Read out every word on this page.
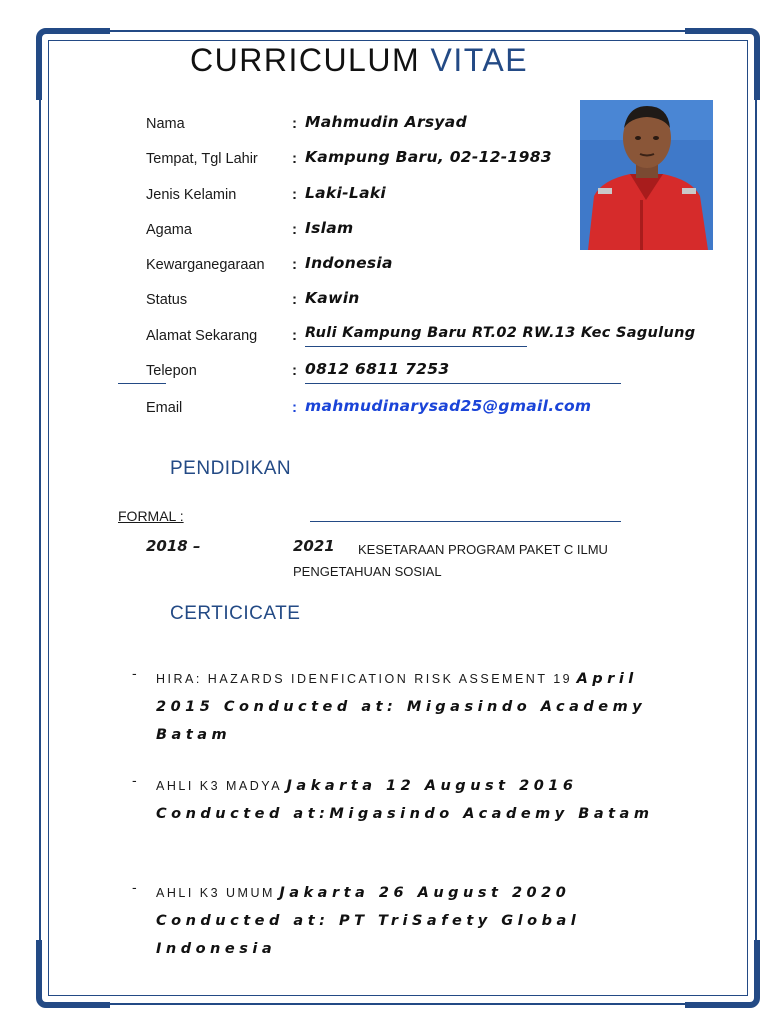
CURRICULUM VITAE
Nama	: Mahmudin Arsyad
Tempat, Tgl Lahir : Kampung Baru, 02-12-1983
Jenis Kelamin	: Laki-Laki
Agama	: Islam
Kewarganegaraan : Indonesia
Status	: Kawin
Alamat Sekarang : Ruli Kampung Baru RT.02 RW.13 Kec Sagulung
Telepon	: 0812 6811 7253
Email	: mahmudinarysad25@gmail.com
PENDIDIKAN
FORMAL :
2018 –	2021	KESETARAAN PROGRAM PAKET C ILMU PENGETAHUAN SOSIAL
CERTICICATE
- HIRA: HAZARDS IDENFICATION RISK ASSEMENT 19 April 2015 Conducted at: Migasindo Academy Batam
- AHLI K3 MADYA Jakarta 12 August 2016 Conducted at:Migasindo Academy Batam
- AHLI K3 UMUM Jakarta 26 August 2020 Conducted at: PT TriSafety Global Indonesia
